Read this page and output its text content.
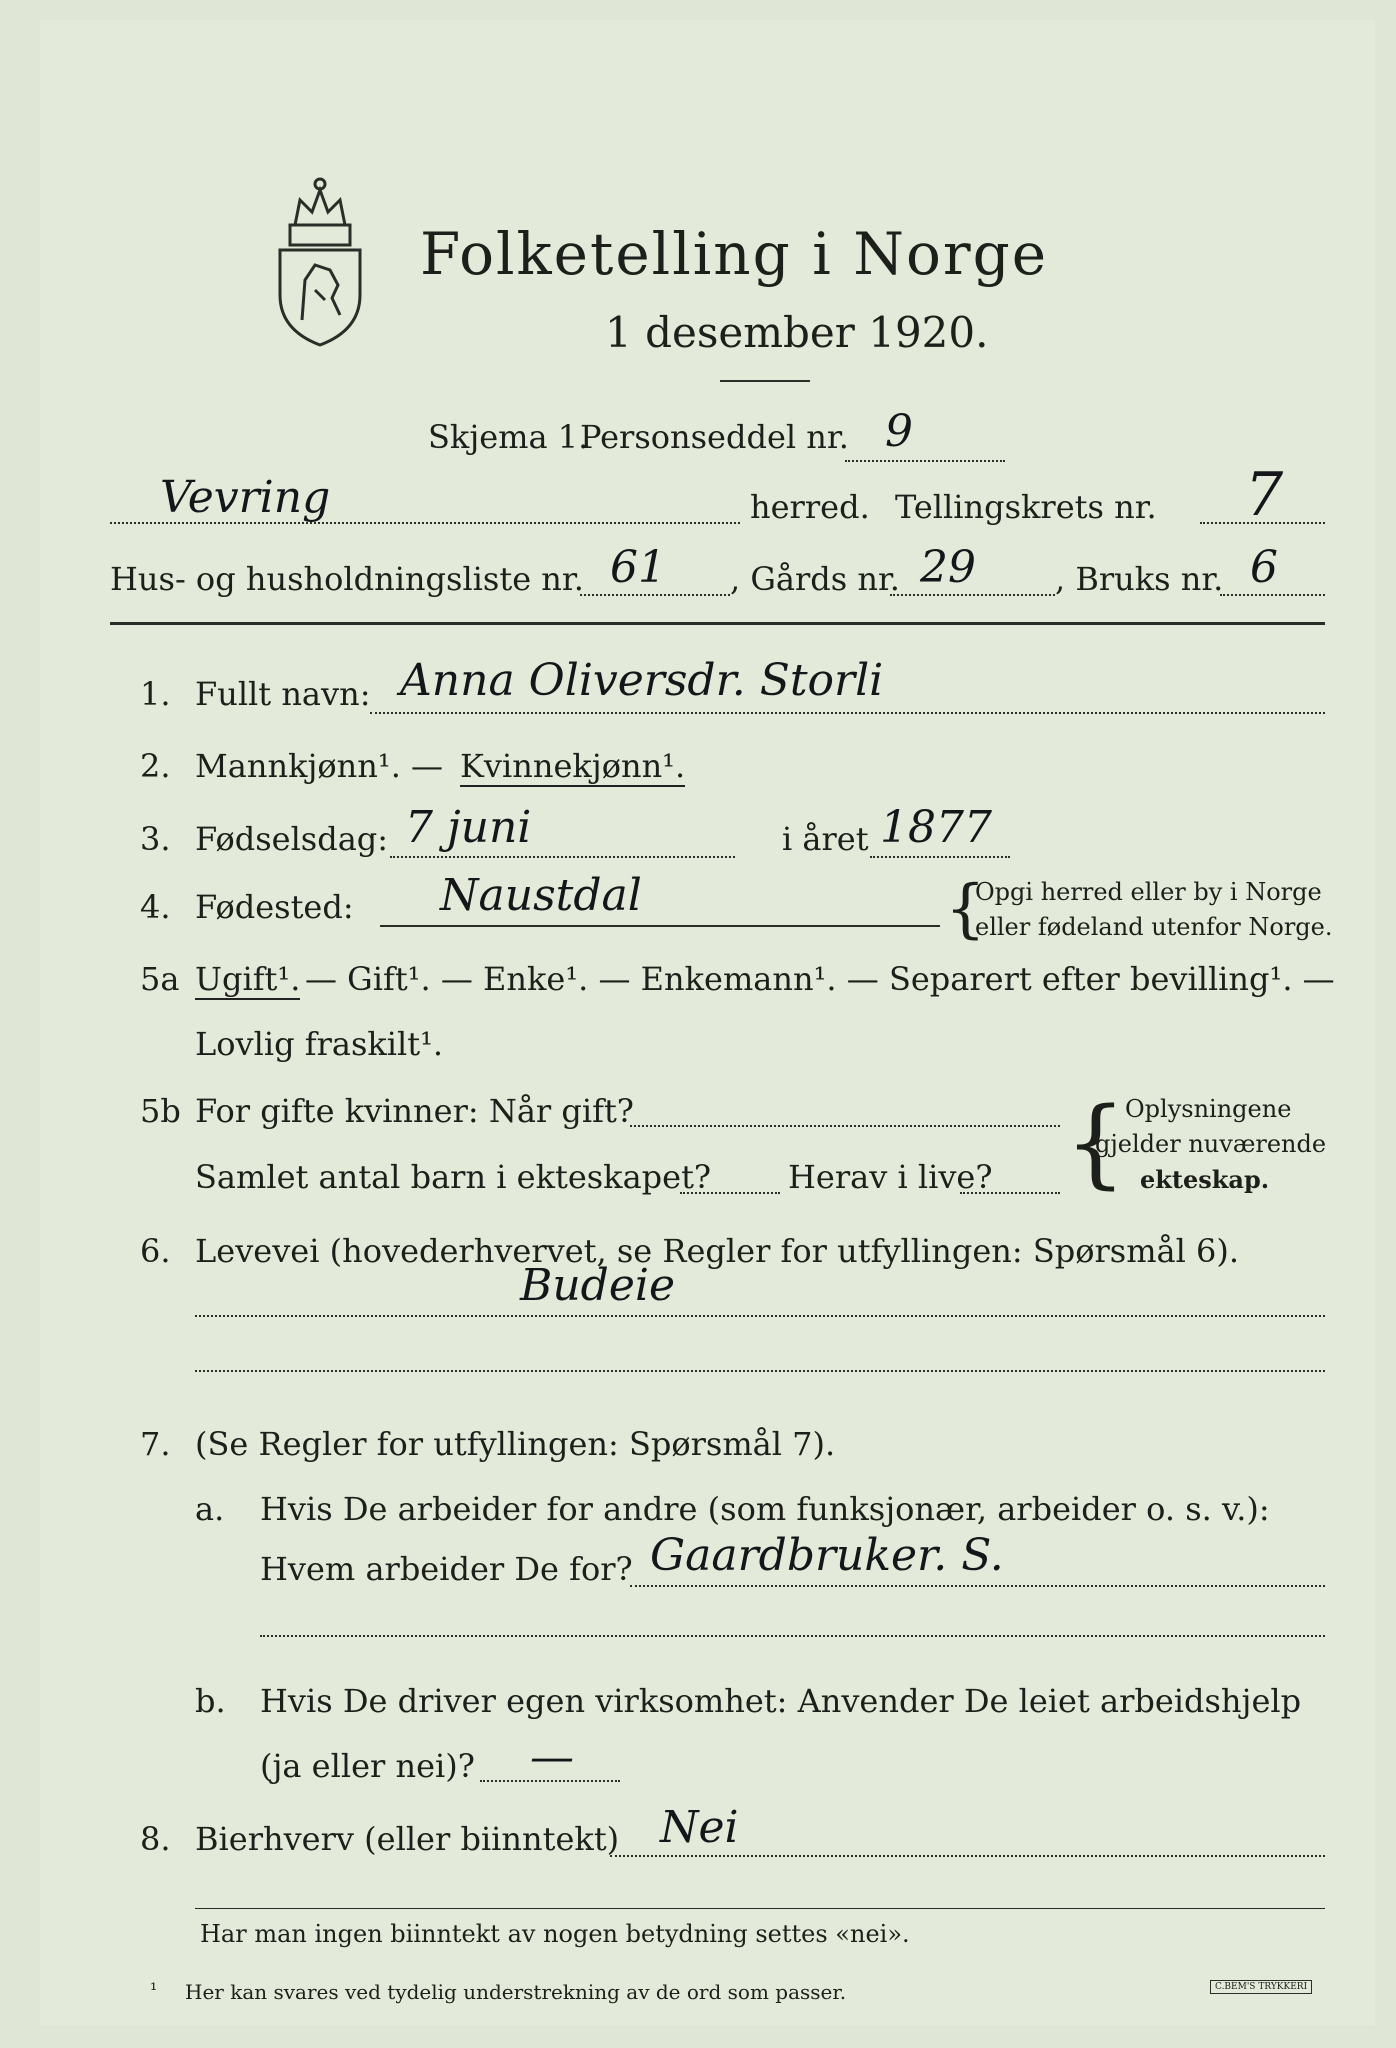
Folketelling i Norge
1 desember 1920.
Skjema 1.
Personseddel nr. 9
Vevring	herred. Tellingskrets nr. 7
Hus- og husholdningsliste nr. 61 , Gårds nr. 29 , Bruks nr. 6
1. Fullt navn: Anna Oliversdr. Storli
2. Mannkjønn¹. — Kvinnekjønn¹.
3. Fødselsdag: 7 juni	i året 1877
4. Fødested: Naustdal	{
Opgi herred eller by i Norge
eller fødeland utenfor Norge.
5a Ugift¹. — Gift¹. — Enke¹. — Enkemann¹. — Separert efter bevilling¹. —
Lovlig fraskilt¹.
5b For gifte kvinner: Når gift?
Samlet antal barn i ekteskapet? Herav i live? {
Oplysningene
gjelder nuværende
ekteskap.
6. Levevei (hovederhvervet, se Regler for utfyllingen: Spørsmål 6).
Budeie
7. (Se Regler for utfyllingen: Spørsmål 7).
a. Hvis De arbeider for andre (som funksjonær, arbeider o. s. v.):
Hvem arbeider De for? Gaardbruker. S.
b. Hvis De driver egen virksomhet: Anvender De leiet arbeidshjelp
(ja eller nei)? —
8. Bierhverv (eller biinntekt) Nei
Har man ingen biinntekt av nogen betydning settes «nei».
¹ Her kan svares ved tydelig understrekning av de ord som passer.	C.BEM'S TRYKKERI
